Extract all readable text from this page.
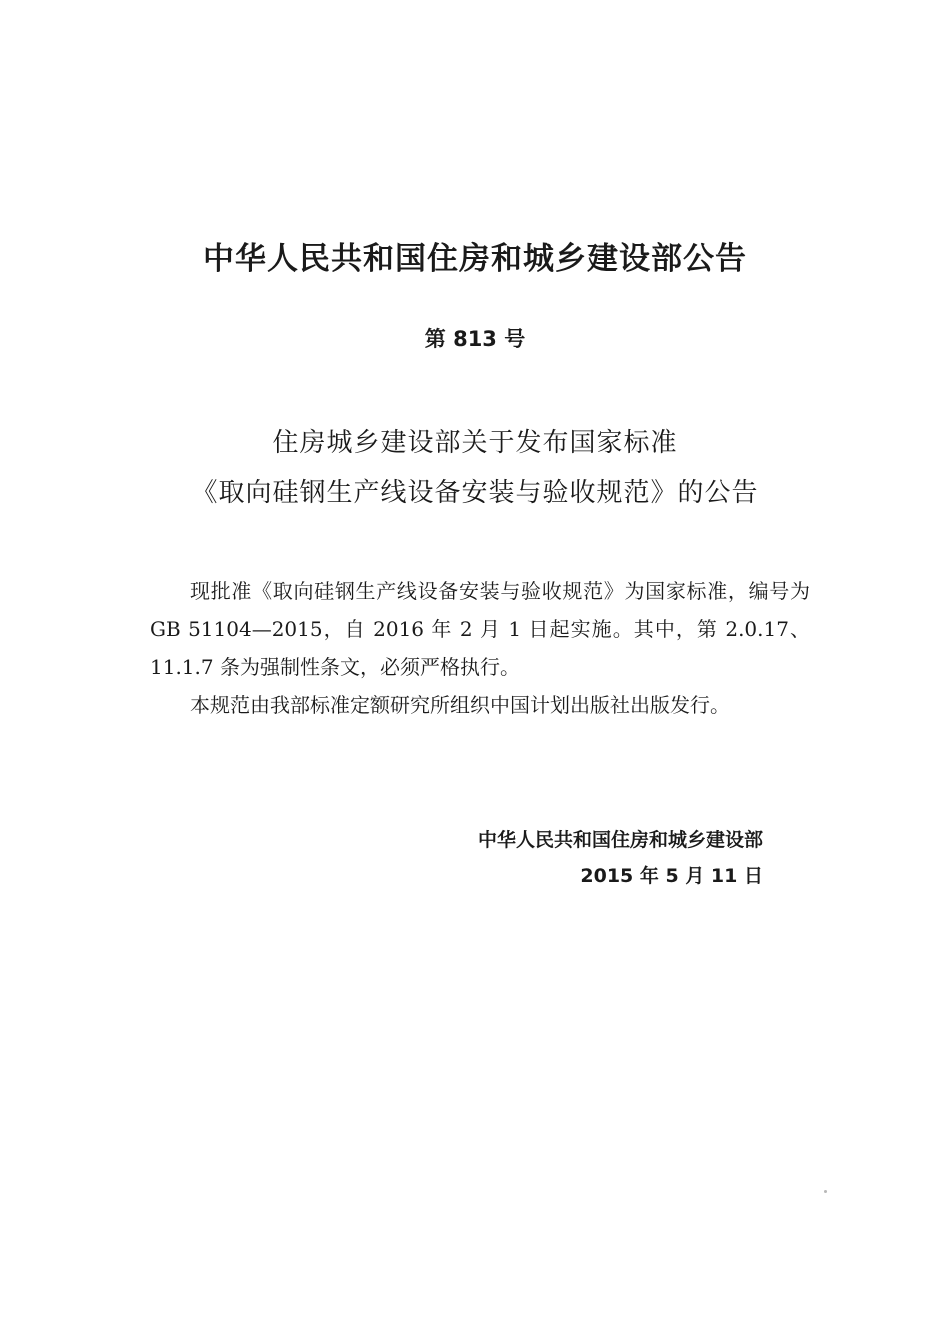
中华人民共和国住房和城乡建设部公告
第 813 号
住房城乡建设部关于发布国家标准
《取向硅钢生产线设备安装与验收规范》的公告

现批准《取向硅钢生产线设备安装与验收规范》为国家标准，编号为 GB 51104—2015，自 2016 年 2 月 1 日起实施。其中，第 2.0.17、11.1.7 条为强制性条文，必须严格执行。

本规范由我部标准定额研究所组织中国计划出版社出版发行。

中华人民共和国住房和城乡建设部
2015 年 5 月 11 日
